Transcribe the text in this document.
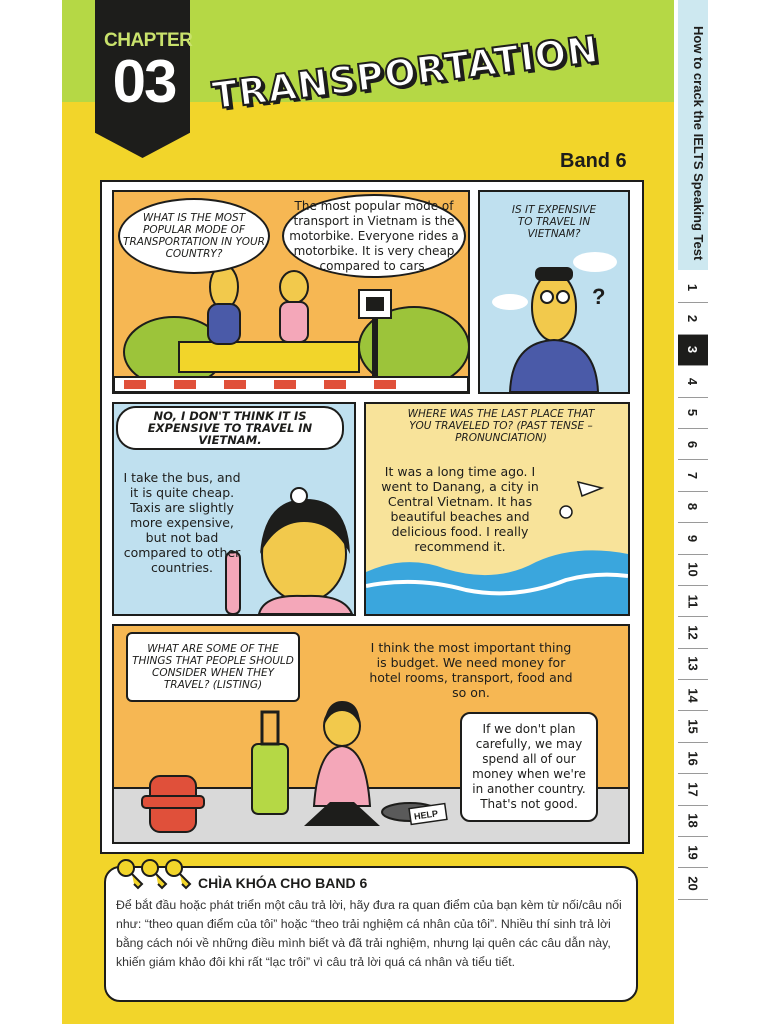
CHAPTER
03 TRANSPORTATION
Band 6	How to crack the IELTS Speaking Test
1
2
3
4
5
6
7
8
9
10
11
12
13
14
15
16
17
18
19
20
WHAT IS THE MOST POPULAR MODE OF TRANSPORTATION IN YOUR COUNTRY?
The most popular mode of transport in Vietnam is the motorbike. Everyone rides a motorbike. It is very cheap compared to cars.
IS IT EXPENSIVE TO TRAVEL IN VIETNAM?
?
NO, I DON'T THINK IT IS EXPENSIVE TO TRAVEL IN VIETNAM.
I take the bus, and it is quite cheap. Taxis are slightly more expensive, but not bad compared to other countries.
WHERE WAS THE LAST PLACE THAT YOU TRAVELED TO? (PAST TENSE – PRONUNCIATION)
It was a long time ago. I went to Danang, a city in Central Vietnam. It has beautiful beaches and delicious food. I really recommend it.
WHAT ARE SOME OF THE THINGS THAT PEOPLE SHOULD CONSIDER WHEN THEY TRAVEL? (LISTING)
I think the most important thing is budget. We need money for hotel rooms, transport, food and so on.
If we don't plan carefully, we may spend all of our money when we're in another country. That's not good.
HELP
CHÌA KHÓA CHO BAND 6
Để bắt đầu hoặc phát triển một câu trả lời, hãy đưa ra quan điểm của bạn kèm từ nối/câu nối như: “theo quan điểm của tôi” hoặc “theo trải nghiệm cá nhân của tôi”. Nhiều thí sinh trả lời bằng cách nói về những điều mình biết và đã trải nghiệm, nhưng lại quên các câu dẫn này, khiến giám khảo đôi khi rất “lạc trôi” vì câu trả lời quá cá nhân và tiểu tiết.
